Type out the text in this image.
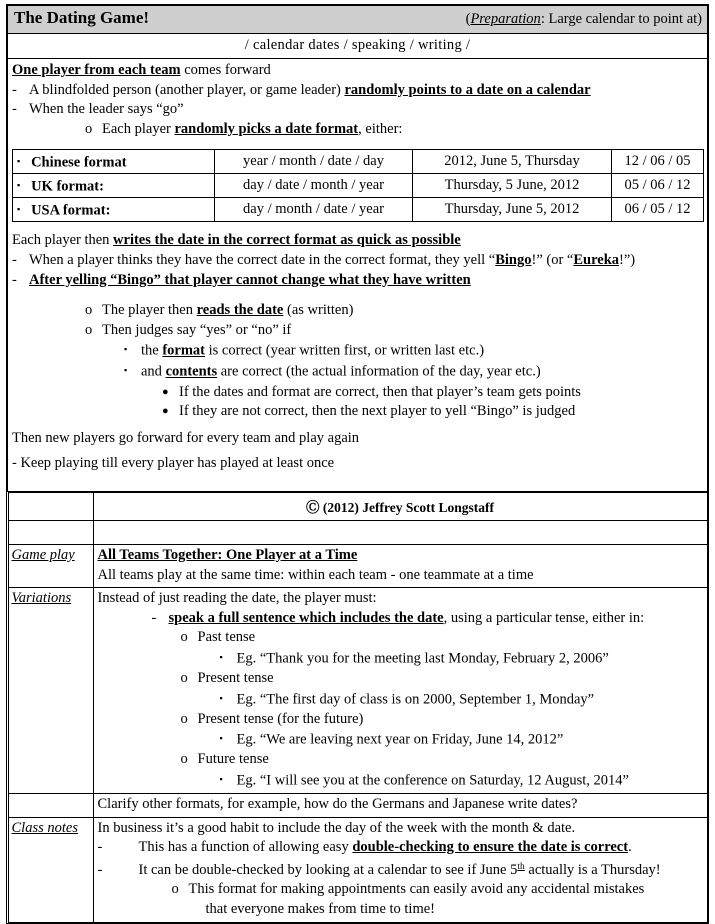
The Dating Game!	(Preparation: Large calendar to point at)

/ calendar dates / speaking / writing /

One player from each team comes forward
- A blindfolded person (another player, or game leader) randomly points to a date on a calendar
- When the leader says “go”
o Each player randomly picks a date format, either:
▪ Chinese format	year / month / date / day	2012, June 5, Thursday	12 / 06 / 05
▪ UK format:	day / date / month / year	Thursday, 5 June, 2012	05 / 06 / 12
▪ USA format:	day / month / date / year	Thursday, June 5, 2012	06 / 05 / 12
Each player then writes the date in the correct format as quick as possible
- When a player thinks they have the correct date in the correct format, they yell “Bingo!” (or “Eureka!”)
- After yelling “Bingo” that player cannot change what they have written
o The player then reads the date (as written)
o Then judges say “yes” or “no” if
▪ the format is correct (year written first, or written last etc.)
▪ and contents are correct (the actual information of the day, year etc.)
● If the dates and format are correct, then that player’s team gets points
● If they are not correct, then the next player to yell “Bingo” is judged
Then new players go forward for every team and play again
- Keep playing till every player has played at least once

	Ⓒ (2012) Jeffrey Scott Longstaff

Game play	All Teams Together: One Player at a Time
All teams play at the same time: within each team - one teammate at a time

Variations	Instead of just reading the date, the player must:
- speak a full sentence which includes the date, using a particular tense, either in:
o Past tense
▪ Eg. “Thank you for the meeting last Monday, February 2, 2006”
o Present tense
▪ Eg. “The first day of class is on 2000, September 1, Monday”
o Present tense (for the future)
▪ Eg. “We are leaving next year on Friday, June 14, 2012”
o Future tense
▪ Eg. “I will see you at the conference on Saturday, 12 August, 2014”

Clarify other formats, for example, how do the Germans and Japanese write dates?

Class notes	In business it’s a good habit to include the day of the week with the month & date.
- This has a function of allowing easy double-checking to ensure the date is correct.
- It can be double-checked by looking at a calendar to see if June 5th actually is a Thursday!
o This format for making appointments can easily avoid any accidental mistakes
that everyone makes from time to time!
